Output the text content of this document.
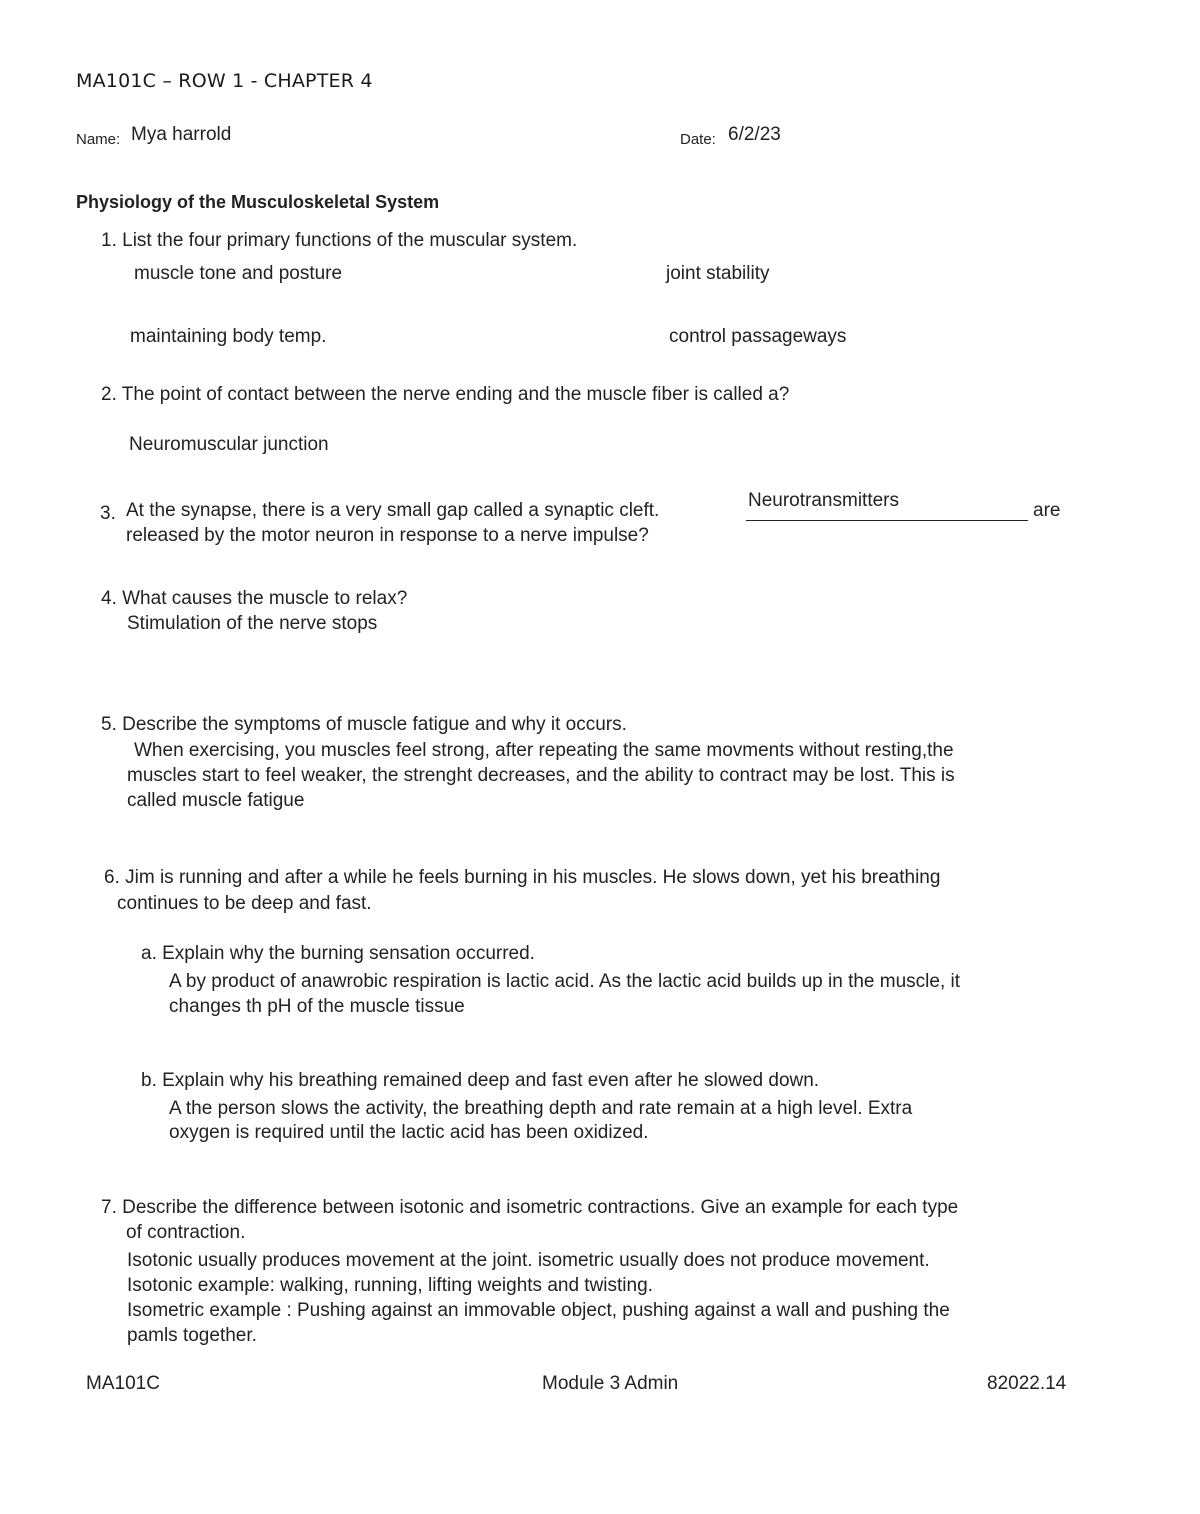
MA101C – ROW 1 - CHAPTER 4
Name: Mya harrold	Date: 6/2/23
Physiology of the Musculoskeletal System
1. List the four primary functions of the muscular system.
muscle tone and posture	joint stability
maintaining body temp.	control passageways
2. The point of contact between the nerve ending and the muscle fiber is called a?
Neuromuscular junction
3. At the synapse, there is a very small gap called a synaptic cleft.	Neurotransmitters	are
released by the motor neuron in response to a nerve impulse?
4. What causes the muscle to relax?
Stimulation of the nerve stops
5. Describe the symptoms of muscle fatigue and why it occurs.
When exercising, you muscles feel strong, after repeating the same movments without resting,the
muscles start to feel weaker, the strenght decreases, and the ability to contract may be lost. This is
called muscle fatigue
6. Jim is running and after a while he feels burning in his muscles. He slows down, yet his breathing
continues to be deep and fast.
a. Explain why the burning sensation occurred.
A by product of anawrobic respiration is lactic acid. As the lactic acid builds up in the muscle, it
changes th pH of the muscle tissue
b. Explain why his breathing remained deep and fast even after he slowed down.
A the person slows the activity, the breathing depth and rate remain at a high level. Extra
oxygen is required until the lactic acid has been oxidized.
7. Describe the difference between isotonic and isometric contractions. Give an example for each type
of contraction.
Isotonic usually produces movement at the joint. isometric usually does not produce movement.
Isotonic example: walking, running, lifting weights and twisting.
Isometric example : Pushing against an immovable object, pushing against a wall and pushing the
pamls together.
MA101C	Module 3 Admin	82022.14
